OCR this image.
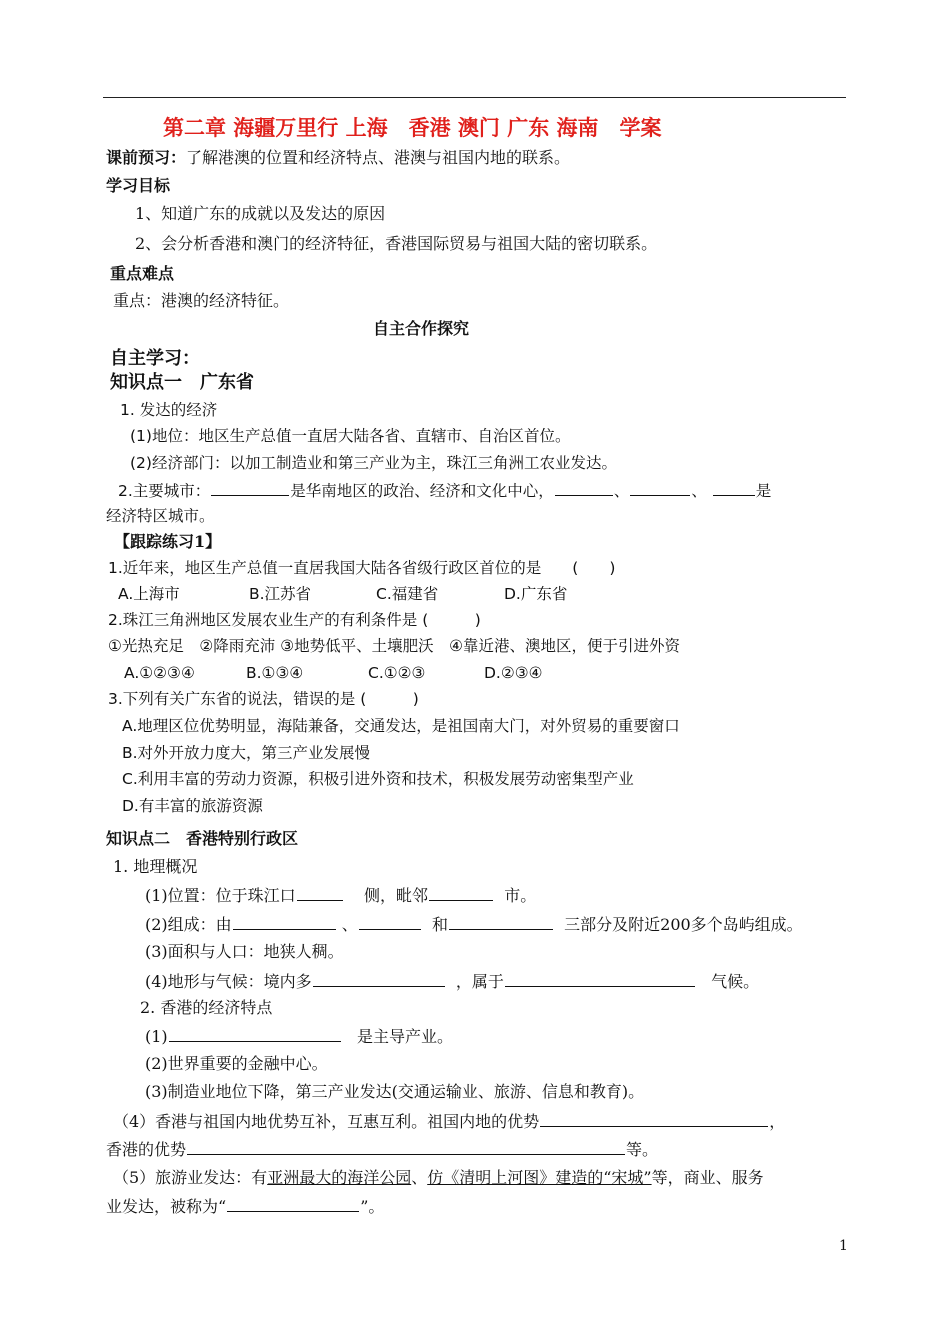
第二章 海疆万里行 上海　香港 澳门 广东 海南　学案
课前预习：了解港澳的位置和经济特点、港澳与祖国内地的联系。
学习目标
1、知道广东的成就以及发达的原因
2、会分析香港和澳门的经济特征，香港国际贸易与祖国大陆的密切联系。
重点难点
重点：港澳的经济特征。
自主合作探究
自主学习：
知识点一　广东省
1. 发达的经济
(1)地位：地区生产总值一直居大陆各省、直辖市、自治区首位。
(2)经济部门：以加工制造业和第三产业为主，珠江三角洲工农业发达。
2.主要城市：	是华南地区的政治、经济和文化中心，	、	、	是
经济特区城市。
【跟踪练习1】
1.近年来，地区生产总值一直居我国大陆各省级行政区首位的是　　(　　)
A.上海市	B.江苏省	C.福建省	D.广东省
2.珠江三角洲地区发展农业生产的有利条件是 (　　　)
①光热充足　②降雨充沛 ③地势低平、土壤肥沃　④靠近港、澳地区，便于引进外资
A.①②③④	B.①③④	C.①②③	D.②③④
3.下列有关广东省的说法，错误的是 (　　　)
A.地理区位优势明显，海陆兼备，交通发达，是祖国南大门，对外贸易的重要窗口
B.对外开放力度大，第三产业发展慢
C.利用丰富的劳动力资源，积极引进外资和技术，积极发展劳动密集型产业
D.有丰富的旅游资源
知识点二　香港特别行政区
1. 地理概况
(1)位置：位于珠江口	侧，毗邻	市。
(2)组成：由	、	和	三部分及附近200多个岛屿组成。
(3)面积与人口：地狭人稠。
(4)地形与气候：境内多	，属于	气候。
2. 香港的经济特点
(1)	是主导产业。
(2)世界重要的金融中心。
(3)制造业地位下降，第三产业发达(交通运输业、旅游、信息和教育)。
（4）香港与祖国内地优势互补，互惠互利。祖国内地的优势	，
香港的优势	等。
（5）旅游业发达：有亚洲最大的海洋公园、仿《清明上河图》建造的“宋城”等，商业、服务
业发达，被称为“	”。
1
